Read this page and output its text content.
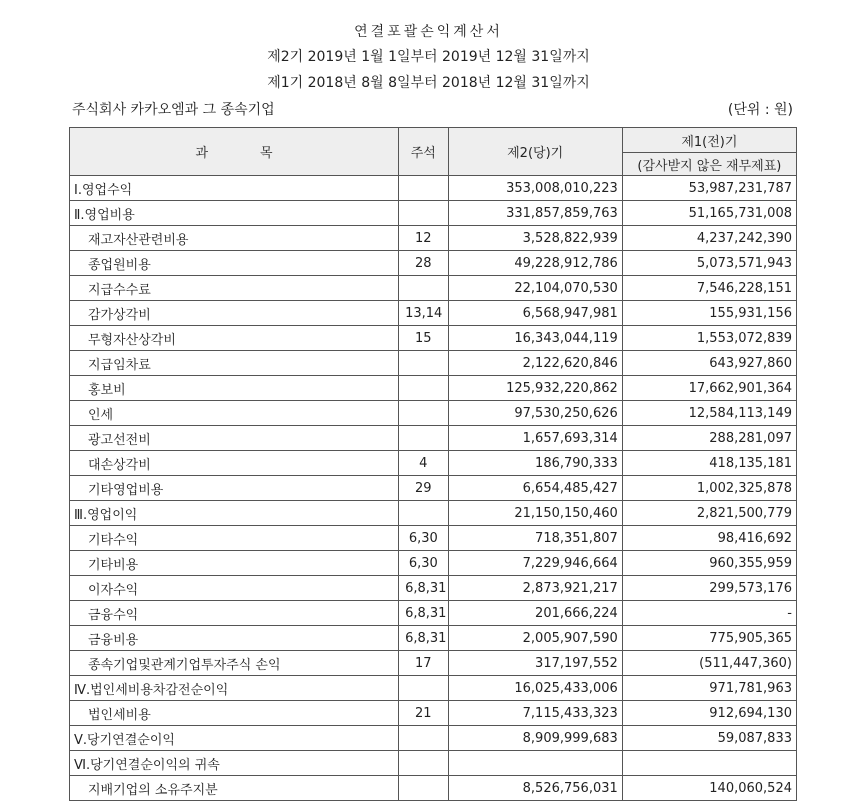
연결포괄손익계산서
제2기 2019년 1월 1일부터 2019년 12월 31일까지
제1기 2018년 8월 8일부터 2018년 12월 31일까지
주식회사 카카오엠과 그 종속기업	(단위 : 원)
과　　　　목	주석	제2(당)기	제1(전)기
			(감사받지 않은 재무제표)
Ⅰ.영업수익		353,008,010,223	53,987,231,787
Ⅱ.영업비용		331,857,859,763	51,165,731,008
재고자산관련비용	12	3,528,822,939	4,237,242,390
종업원비용	28	49,228,912,786	5,073,571,943
지급수수료		22,104,070,530	7,546,228,151
감가상각비	13,14	6,568,947,981	155,931,156
무형자산상각비	15	16,343,044,119	1,553,072,839
지급임차료		2,122,620,846	643,927,860
홍보비		125,932,220,862	17,662,901,364
인세		97,530,250,626	12,584,113,149
광고선전비		1,657,693,314	288,281,097
대손상각비	4	186,790,333	418,135,181
기타영업비용	29	6,654,485,427	1,002,325,878
Ⅲ.영업이익		21,150,150,460	2,821,500,779
기타수익	6,30	718,351,807	98,416,692
기타비용	6,30	7,229,946,664	960,355,959
이자수익	6,8,31	2,873,921,217	299,573,176
금융수익	6,8,31	201,666,224	-
금융비용	6,8,31	2,005,907,590	775,905,365
종속기업및관계기업투자주식 손익	17	317,197,552	(511,447,360)
Ⅳ.법인세비용차감전순이익		16,025,433,006	971,781,963
법인세비용	21	7,115,433,323	912,694,130
Ⅴ.당기연결순이익		8,909,999,683	59,087,833
Ⅵ.당기연결순이익의 귀속			
지배기업의 소유주지분		8,526,756,031	140,060,524
